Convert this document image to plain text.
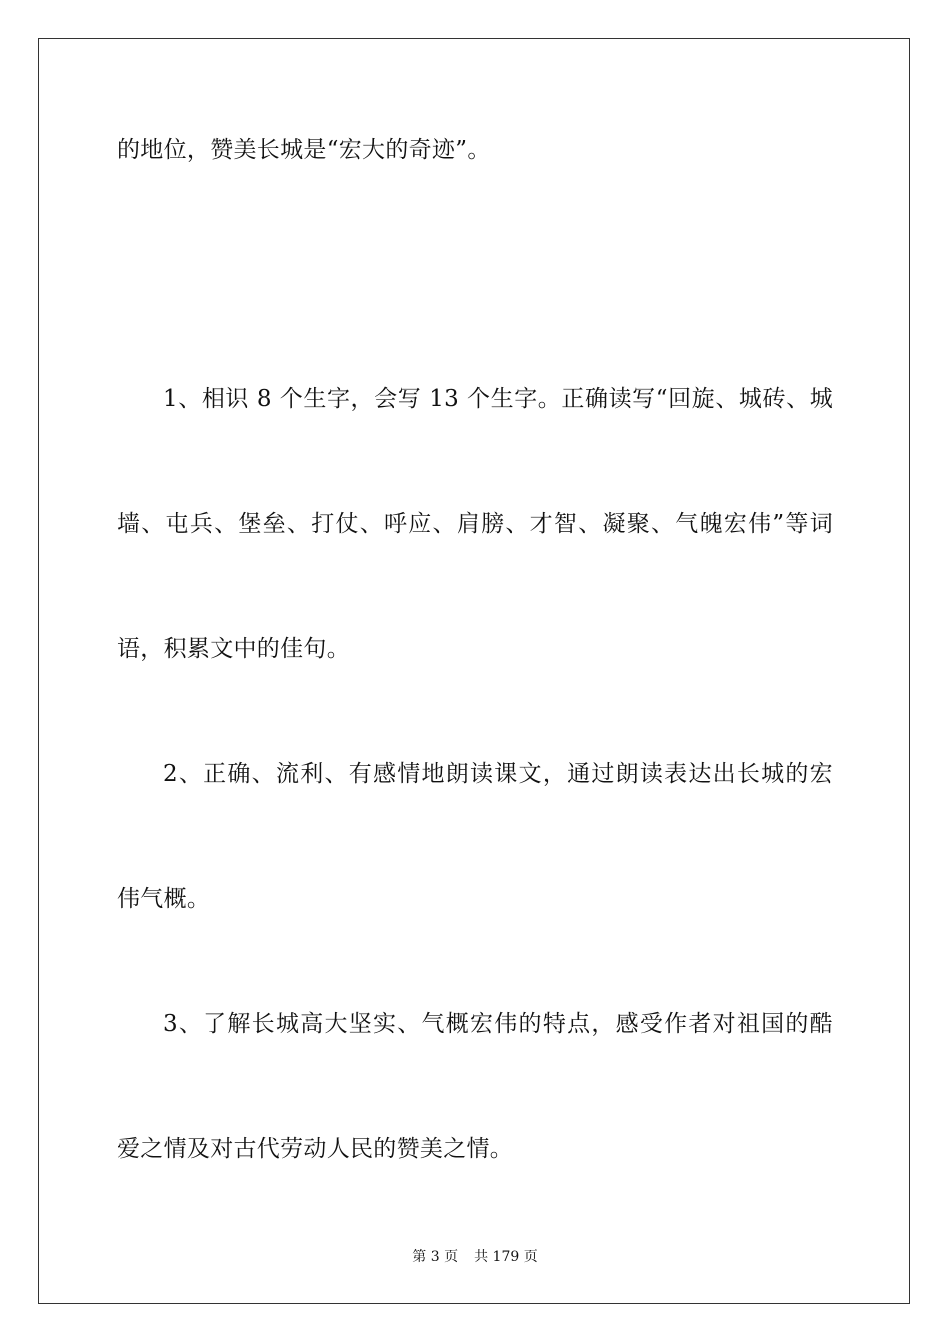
的地位，赞美长城是“宏大的奇迹”。
1、相识 8 个生字，会写 13 个生字。正确读写“回旋、城砖、城
墙、屯兵、堡垒、打仗、呼应、肩膀、才智、凝聚、气魄宏伟”等词
语，积累文中的佳句。
2、正确、流利、有感情地朗读课文，通过朗读表达出长城的宏
伟气概。
3、了解长城高大坚实、气概宏伟的特点，感受作者对祖国的酷
爱之情及对古代劳动人民的赞美之情。
第 3 页 共 179 页
